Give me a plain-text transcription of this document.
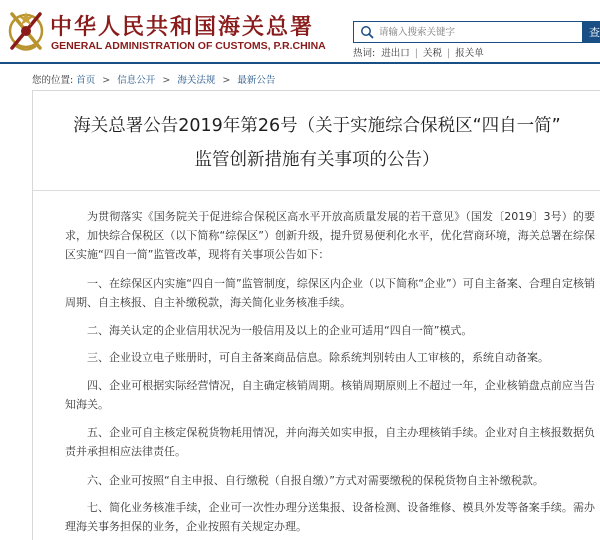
中华人民共和国海关总署
GENERAL ADMINISTRATION OF CUSTOMS, P.R.CHINA
请输入搜索关键字
查
热词: 进出口 | 关税 | 报关单
您的位置: 首页 > 信息公开 > 海关法规 > 最新公告
海关总署公告2019年第26号（关于实施综合保税区“四自一简”
监管创新措施有关事项的公告）

为贯彻落实《国务院关于促进综合保税区高水平开放高质量发展的若干意见》（国发〔2019〕3号）的要求，加快综合保税区（以下简称“综保区”）创新升级，提升贸易便利化水平，优化营商环境，海关总署在综保区实施“四自一简”监管改革，现将有关事项公告如下：

一、在综保区内实施“四自一简”监管制度，综保区内企业（以下简称“企业”）可自主备案、合理自定核销周期、自主核报、自主补缴税款，海关简化业务核准手续。

二、海关认定的企业信用状况为一般信用及以上的企业可适用“四自一简”模式。

三、企业设立电子账册时，可自主备案商品信息。除系统判别转由人工审核的，系统自动备案。

四、企业可根据实际经营情况，自主确定核销周期。核销周期原则上不超过一年，企业核销盘点前应当告知海关。

五、企业可自主核定保税货物耗用情况，并向海关如实申报，自主办理核销手续。企业对自主核报数据负责并承担相应法律责任。

六、企业可按照“自主申报、自行缴税（自报自缴）”方式对需要缴税的保税货物自主补缴税款。

七、简化业务核准手续，企业可一次性办理分送集报、设备检测、设备维修、模具外发等备案手续。需办理海关事务担保的业务，企业按照有关规定办理。
